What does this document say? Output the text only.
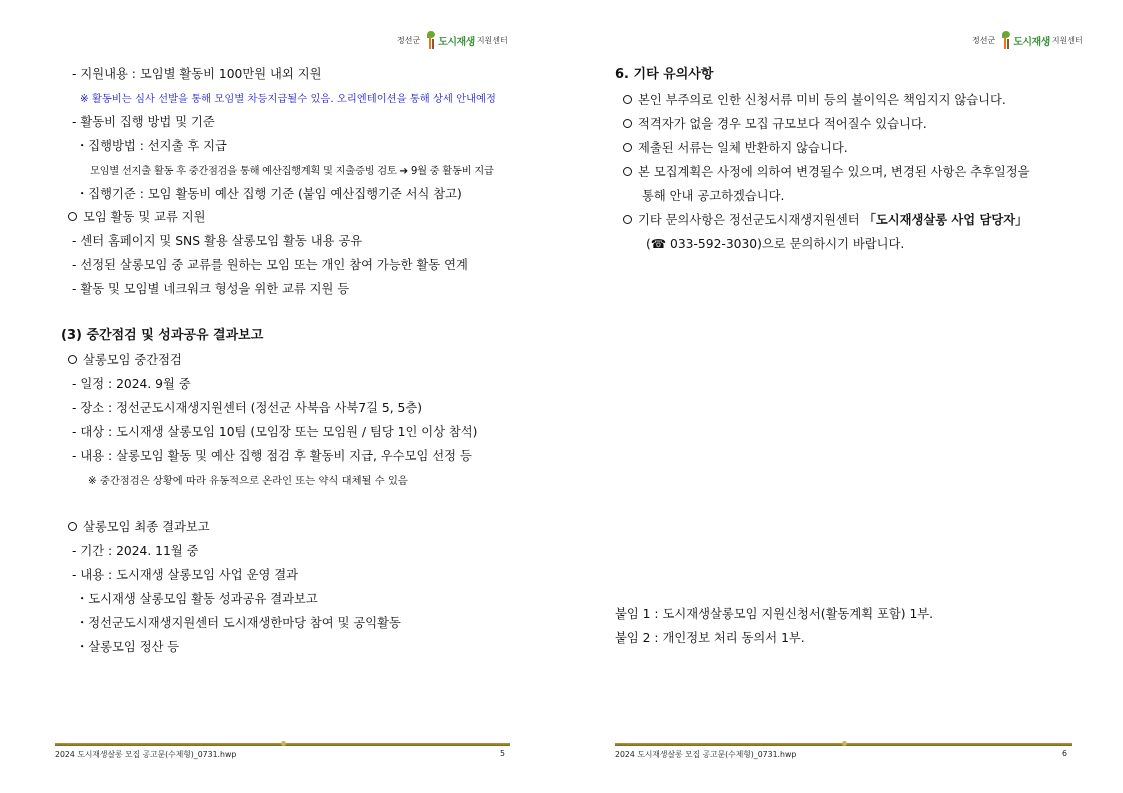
정선군 도시재생 지원센터
- 지원내용 : 모임별 활동비 100만원 내외 지원
※ 활동비는 심사 선발을 통해 모임별 차등지급될수 있음. 오리엔테이션을 통해 상세 안내예정
- 활동비 집행 방법 및 기준
・집행방법 : 선지출 후 지급
모임별 선지출 활동 후 중간점검을 통해 예산집행계획 및 지출증빙 검토 ➔ 9월 중 활동비 지급
・집행기준 : 모임 활동비 예산 집행 기준 (붙임 예산집행기준 서식 참고)
모임 활동 및 교류 지원
- 센터 홈페이지 및 SNS 활용 살롱모임 활동 내용 공유
- 선정된 살롱모임 중 교류를 원하는 모임 또는 개인 참여 가능한 활동 연계
- 활동 및 모임별 네크워크 형성을 위한 교류 지원 등
(3) 중간점검 및 성과공유 결과보고
살롱모임 중간점검
- 일정 : 2024. 9월 중
- 장소 : 정선군도시재생지원센터 (정선군 사북읍 사북7길 5, 5층)
- 대상 : 도시재생 살롱모임 10팀 (모임장 또는 모임원 / 팀당 1인 이상 참석)
- 내용 : 살롱모임 활동 및 예산 집행 점검 후 활동비 지급, 우수모임 선정 등
※ 중간점검은 상황에 따라 유동적으로 온라인 또는 약식 대체될 수 있음
살롱모임 최종 결과보고
- 기간 : 2024. 11월 중
- 내용 : 도시재생 살롱모임 사업 운영 결과
・도시재생 살롱모임 활동 성과공유 결과보고
・정선군도시재생지원센터 도시재생한마당 참여 및 공익활동
・살롱모임 정산 등
2024 도시재생살롱 모집 공고문(수제형)_0731.hwp	5
정선군 도시재생 지원센터
6. 기타 유의사항
본인 부주의로 인한 신청서류 미비 등의 불이익은 책임지지 않습니다.
적격자가 없을 경우 모집 규모보다 적어질수 있습니다.
제출된 서류는 일체 반환하지 않습니다.
본 모집계획은 사정에 의하여 변경될수 있으며, 변경된 사항은 추후일정을
통해 안내 공고하겠습니다.
기타 문의사항은 정선군도시재생지원센터 「도시재생살롱 사업 담당자」
(☎ 033-592-3030)으로 문의하시기 바랍니다.
붙임 1 : 도시재생살롱모임 지원신청서(활동계획 포함) 1부.
붙임 2 : 개인정보 처리 동의서 1부.
2024 도시재생살롱 모집 공고문(수제형)_0731.hwp	6
